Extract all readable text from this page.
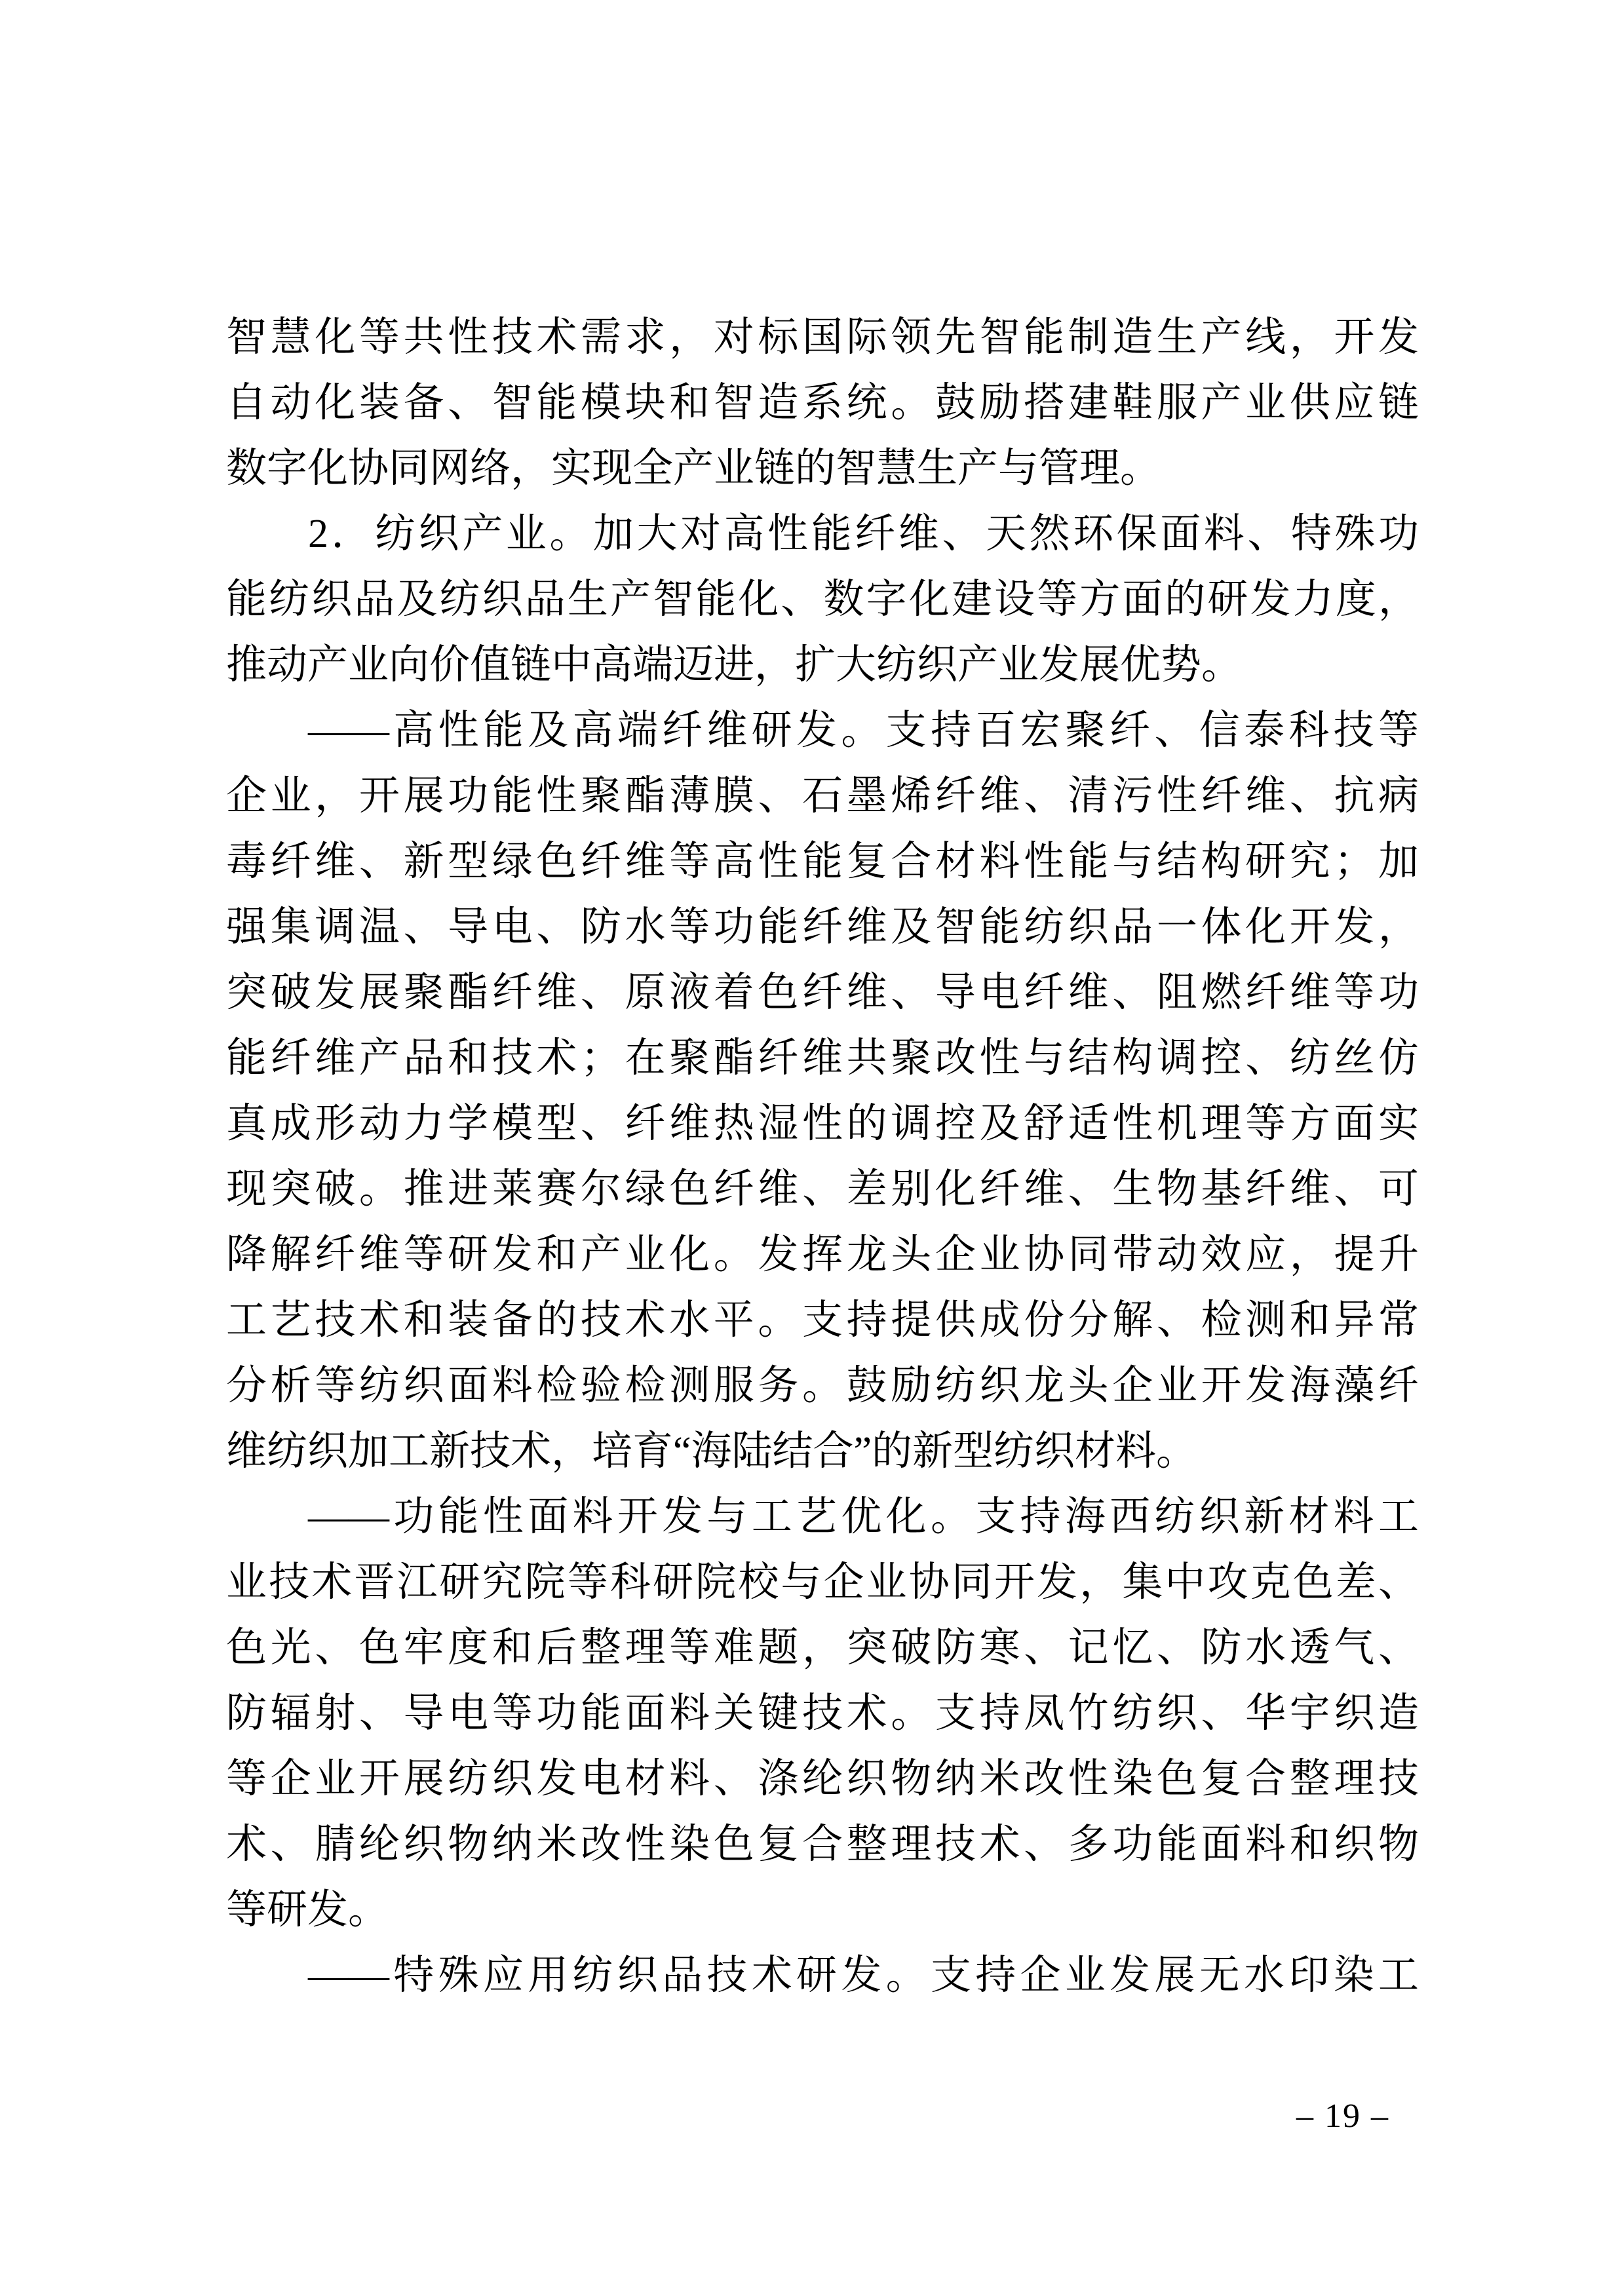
智慧化等共性技术需求，对标国际领先智能制造生产线，开发
自动化装备、智能模块和智造系统。鼓励搭建鞋服产业供应链
数字化协同网络，实现全产业链的智慧生产与管理。
2．纺织产业。加大对高性能纤维、天然环保面料、特殊功
能纺织品及纺织品生产智能化、数字化建设等方面的研发力度，
推动产业向价值链中高端迈进，扩大纺织产业发展优势。
——高性能及高端纤维研发。支持百宏聚纤、信泰科技等
企业，开展功能性聚酯薄膜、石墨烯纤维、清污性纤维、抗病
毒纤维、新型绿色纤维等高性能复合材料性能与结构研究；加
强集调温、导电、防水等功能纤维及智能纺织品一体化开发，
突破发展聚酯纤维、原液着色纤维、导电纤维、阻燃纤维等功
能纤维产品和技术；在聚酯纤维共聚改性与结构调控、纺丝仿
真成形动力学模型、纤维热湿性的调控及舒适性机理等方面实
现突破。推进莱赛尔绿色纤维、差别化纤维、生物基纤维、可
降解纤维等研发和产业化。发挥龙头企业协同带动效应，提升
工艺技术和装备的技术水平。支持提供成份分解、检测和异常
分析等纺织面料检验检测服务。鼓励纺织龙头企业开发海藻纤
维纺织加工新技术，培育“海陆结合”的新型纺织材料。
——功能性面料开发与工艺优化。支持海西纺织新材料工
业技术晋江研究院等科研院校与企业协同开发，集中攻克色差、
色光、色牢度和后整理等难题，突破防寒、记忆、防水透气、
防辐射、导电等功能面料关键技术。支持凤竹纺织、华宇织造
等企业开展纺织发电材料、涤纶织物纳米改性染色复合整理技
术、腈纶织物纳米改性染色复合整理技术、多功能面料和织物
等研发。
——特殊应用纺织品技术研发。支持企业发展无水印染工
– 19 –
